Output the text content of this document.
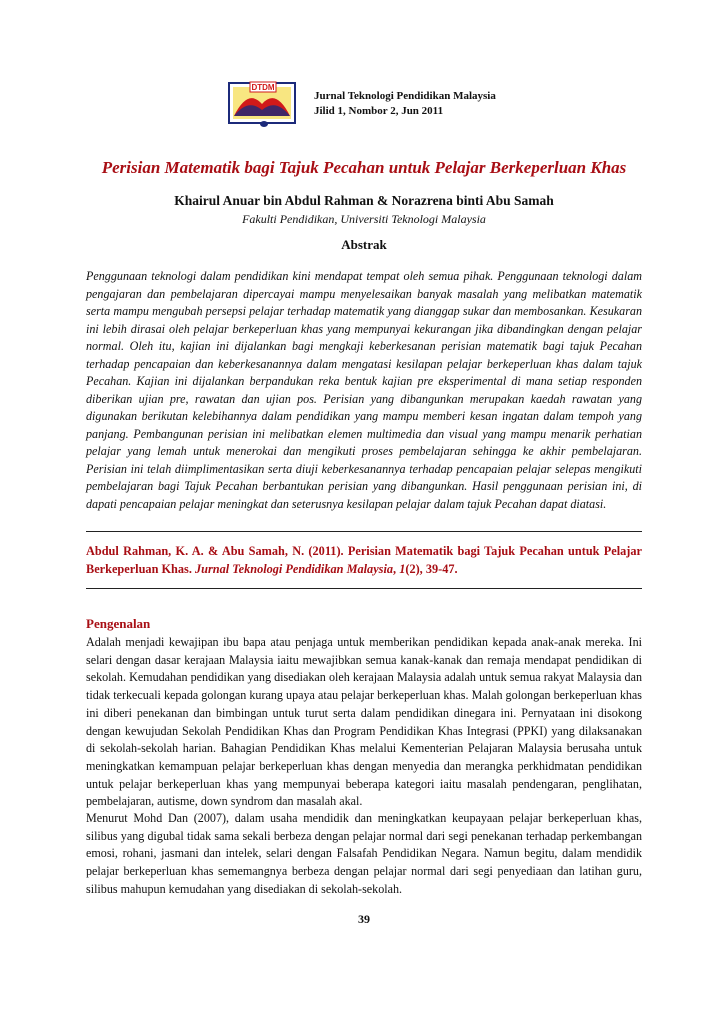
DTDM
Jurnal Teknologi Pendidikan Malaysia
Jilid 1, Nombor 2, Jun 2011
Perisian Matematik bagi Tajuk Pecahan untuk Pelajar Berkeperluan Khas
Khairul Anuar bin Abdul Rahman & Norazrena binti Abu Samah
Fakulti Pendidikan, Universiti Teknologi Malaysia
Abstrak
Penggunaan teknologi dalam pendidikan kini mendapat tempat oleh semua pihak. Penggunaan teknologi dalam pengajaran dan pembelajaran dipercayai mampu menyelesaikan banyak masalah yang melibatkan matematik serta mampu mengubah persepsi pelajar terhadap matematik yang dianggap sukar dan membosankan. Kesukaran ini lebih dirasai oleh pelajar berkeperluan khas yang mempunyai kekurangan jika dibandingkan dengan pelajar normal. Oleh itu, kajian ini dijalankan bagi mengkaji keberkesanan perisian matematik bagi tajuk Pecahan terhadap pencapaian dan keberkesanannya dalam mengatasi kesilapan pelajar berkeperluan khas dalam tajuk Pecahan. Kajian ini dijalankan berpandukan reka bentuk kajian pre eksperimental di mana setiap responden diberikan ujian pre, rawatan dan ujian pos. Perisian yang dibangunkan merupakan kaedah rawatan yang digunakan berikutan kelebihannya dalam pendidikan yang mampu memberi kesan ingatan dalam tempoh yang panjang. Pembangunan perisian ini melibatkan elemen multimedia dan visual yang mampu menarik perhatian pelajar yang lemah untuk menerokai dan mengikuti proses pembelajaran sehingga ke akhir pembelajaran. Perisian ini telah diimplimentasikan serta diuji keberkesanannya terhadap pencapaian pelajar selepas mengikuti pembelajaran bagi Tajuk Pecahan berbantukan perisian yang dibangunkan. Hasil penggunaan perisian ini, di dapati pencapaian pelajar meningkat dan seterusnya kesilapan pelajar dalam tajuk Pecahan dapat diatasi.
Abdul Rahman, K. A. & Abu Samah, N. (2011). Perisian Matematik bagi Tajuk Pecahan untuk Pelajar Berkeperluan Khas. Jurnal Teknologi Pendidikan Malaysia, 1(2), 39-47.
Pengenalan
Adalah menjadi kewajipan ibu bapa atau penjaga untuk memberikan pendidikan kepada anak-anak mereka. Ini selari dengan dasar kerajaan Malaysia iaitu mewajibkan semua kanak-kanak dan remaja mendapat pendidikan di sekolah. Kemudahan pendidikan yang disediakan oleh kerajaan Malaysia adalah untuk semua rakyat Malaysia dan tidak terkecuali kepada golongan kurang upaya atau pelajar berkeperluan khas. Malah golongan berkeperluan khas ini diberi penekanan dan bimbingan untuk turut serta dalam pendidikan dinegara ini. Pernyataan ini disokong dengan kewujudan Sekolah Pendidikan Khas dan Program Pendidikan Khas Integrasi (PPKI) yang dilaksanakan di sekolah-sekolah harian. Bahagian Pendidikan Khas melalui Kementerian Pelajaran Malaysia berusaha untuk meningkatkan kemampuan pelajar berkeperluan khas dengan menyedia dan merangka perkhidmatan pendidikan untuk pelajar berkeperluan khas yang mempunyai beberapa kategori iaitu masalah pendengaran, penglihatan, pembelajaran, autisme, down syndrom dan masalah akal.
Menurut Mohd Dan (2007), dalam usaha mendidik dan meningkatkan keupayaan pelajar berkeperluan khas, silibus yang digubal tidak sama sekali berbeza dengan pelajar normal dari segi penekanan terhadap perkembangan emosi, rohani, jasmani dan intelek, selari dengan Falsafah Pendidikan Negara. Namun begitu, dalam mendidik pelajar berkeperluan khas sememangnya berbeza dengan pelajar normal dari segi penyediaan dan latihan guru, silibus mahupun kemudahan yang disediakan di sekolah-sekolah.
39
